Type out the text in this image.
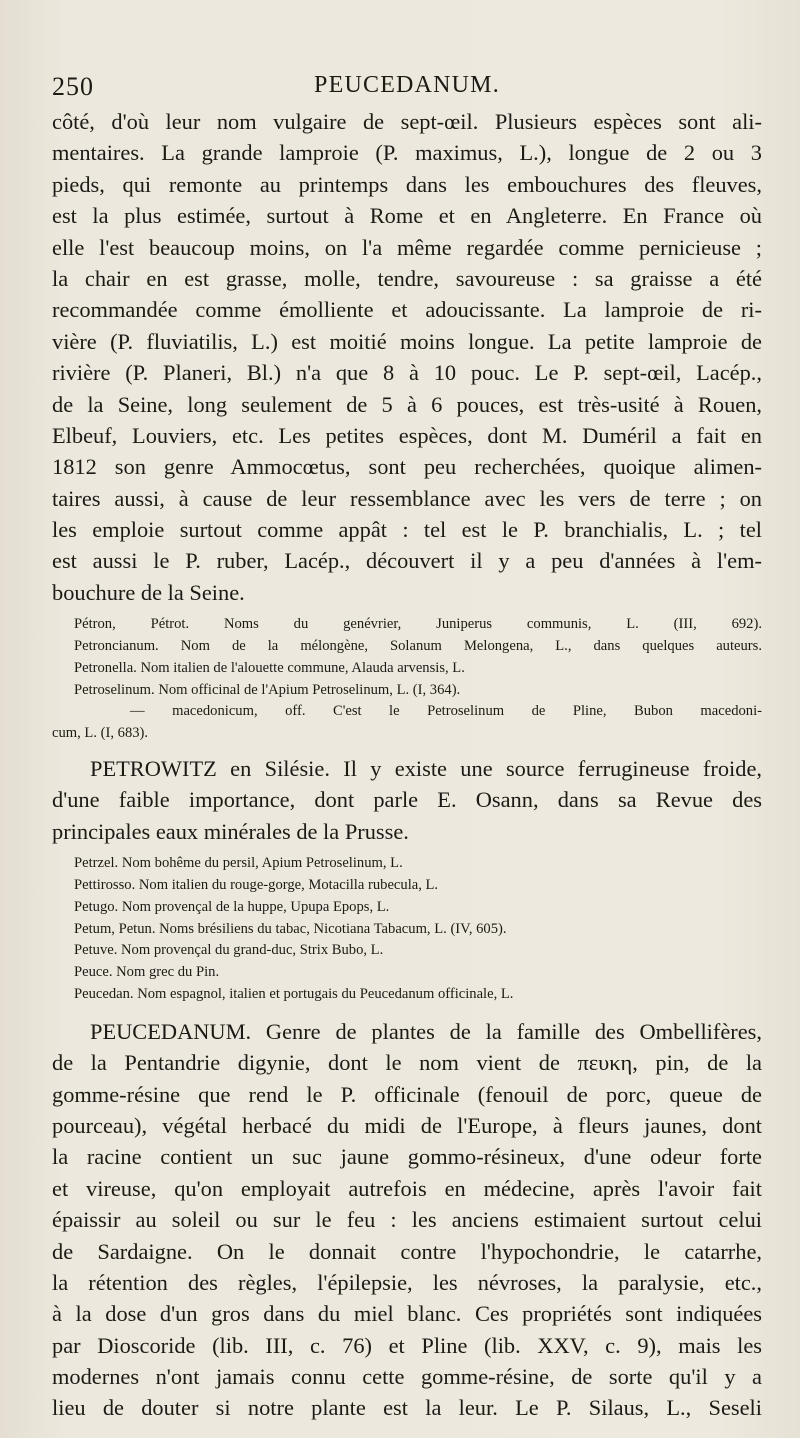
250	PEUCEDANUM.
côté, d'où leur nom vulgaire de sept-œil. Plusieurs espèces sont ali-
mentaires. La grande lamproie (P. maximus, L.), longue de 2 ou 3
pieds, qui remonte au printemps dans les embouchures des fleuves,
est la plus estimée, surtout à Rome et en Angleterre. En France où
elle l'est beaucoup moins, on l'a même regardée comme pernicieuse ;
la chair en est grasse, molle, tendre, savoureuse : sa graisse a été
recommandée comme émolliente et adoucissante. La lamproie de ri-
vière (P. fluviatilis, L.) est moitié moins longue. La petite lamproie de
rivière (P. Planeri, Bl.) n'a que 8 à 10 pouc. Le P. sept-œil, Lacép.,
de la Seine, long seulement de 5 à 6 pouces, est très-usité à Rouen,
Elbeuf, Louviers, etc. Les petites espèces, dont M. Duméril a fait en
1812 son genre Ammocœtus, sont peu recherchées, quoique alimen-
taires aussi, à cause de leur ressemblance avec les vers de terre ; on
les emploie surtout comme appât : tel est le P. branchialis, L. ; tel
est aussi le P. ruber, Lacép., découvert il y a peu d'années à l'em-
bouchure de la Seine.
Pétron, Pétrot. Noms du genévrier, Juniperus communis, L. (III, 692).
Petroncianum. Nom de la mélongène, Solanum Melongena, L., dans quelques auteurs.
Petronella. Nom italien de l'alouette commune, Alauda arvensis, L.
Petroselinum. Nom officinal de l'Apium Petroselinum, L. (I, 364).
— macedonicum, off. C'est le Petroselinum de Pline, Bubon macedoni-
cum, L. (I, 683).
PETROWITZ en Silésie. Il y existe une source ferrugineuse froide,
d'une faible importance, dont parle E. Osann, dans sa Revue des
principales eaux minérales de la Prusse.
Petrzel. Nom bohême du persil, Apium Petroselinum, L.
Pettirosso. Nom italien du rouge-gorge, Motacilla rubecula, L.
Petugo. Nom provençal de la huppe, Upupa Epops, L.
Petum, Petun. Noms brésiliens du tabac, Nicotiana Tabacum, L. (IV, 605).
Petuve. Nom provençal du grand-duc, Strix Bubo, L.
Peuce. Nom grec du Pin.
Peucedan. Nom espagnol, italien et portugais du Peucedanum officinale, L.
PEUCEDANUM. Genre de plantes de la famille des Ombellifères,
de la Pentandrie digynie, dont le nom vient de πευκη, pin, de la
gomme-résine que rend le P. officinale (fenouil de porc, queue de
pourceau), végétal herbacé du midi de l'Europe, à fleurs jaunes, dont
la racine contient un suc jaune gommo-résineux, d'une odeur forte
et vireuse, qu'on employait autrefois en médecine, après l'avoir fait
épaissir au soleil ou sur le feu : les anciens estimaient surtout celui
de Sardaigne. On le donnait contre l'hypochondrie, le catarrhe,
la rétention des règles, l'épilepsie, les névroses, la paralysie, etc.,
à la dose d'un gros dans du miel blanc. Ces propriétés sont indiquées
par Dioscoride (lib. III, c. 76) et Pline (lib. XXV, c. 9), mais les
modernes n'ont jamais connu cette gomme-résine, de sorte qu'il y a
lieu de douter si notre plante est la leur. Le P. Silaus, L., Seseli
